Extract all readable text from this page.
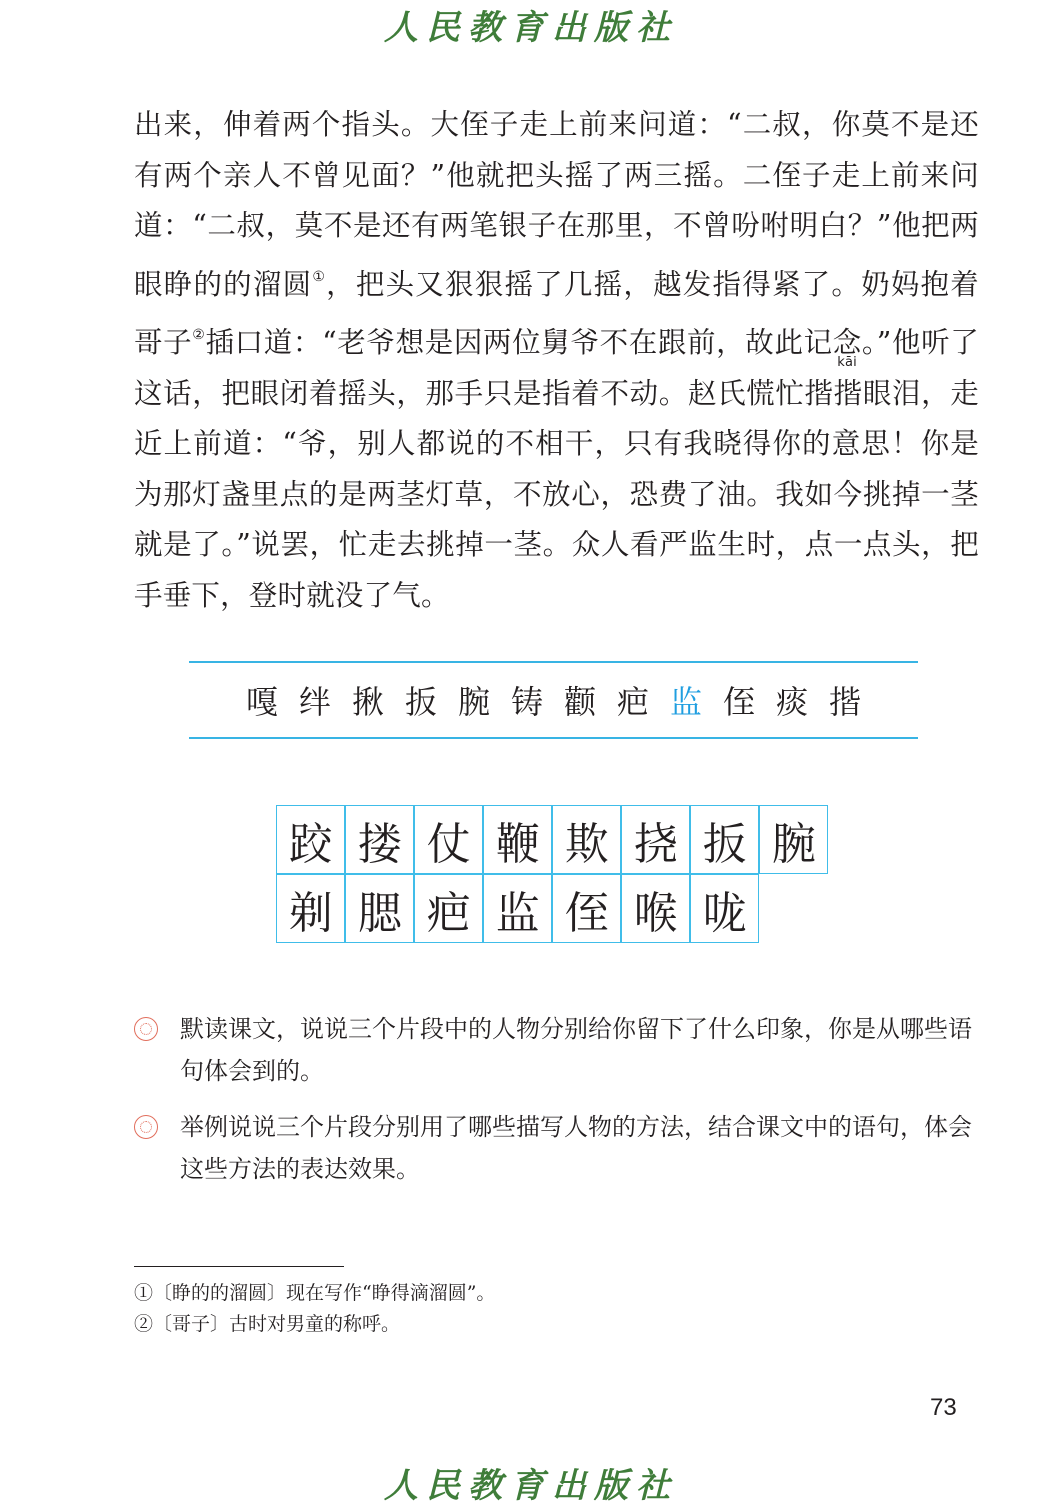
人民教育出版社

出来，伸着两个指头。大侄子走上前来问道：“二叔，你莫不是还有两个亲人不曾见面？”他就把头摇了两三摇。二侄子走上前来问道：“二叔，莫不是还有两笔银子在那里，不曾吩咐明白？”他把两眼睁的的溜圆①，把头又狠狠摇了几摇，越发指得紧了。奶妈抱着哥子②插口道：“老爷想是因两位舅爷不在跟前，故此记念kāi。”他听了这话，把眼闭着摇头，那手只是指着不动。赵氏慌忙揩揩眼泪，走近上前道：“爷，别人都说的不相干，只有我晓得你的意思！你是为那灯盏里点的是两茎灯草，不放心，恐费了油。我如今挑掉一茎就是了。”说罢，忙走去挑掉一茎。众人看严监生时，点一点头，把手垂下，登时就没了气。

嘎 绊 揪 扳 腕 铸 颧 疤 监 侄 痰 揩
跤 搂 仗 鞭 欺 挠 扳 腕
剃 腮 疤 监 侄 喉 咙
默读课文，说说三个片段中的人物分别给你留下了什么印象，你是从哪些语句体会到的。
举例说说三个片段分别用了哪些描写人物的方法，结合课文中的语句，体会这些方法的表达效果。
①〔睁的的溜圆〕现在写作“睁得滴溜圆”。
②〔哥子〕古时对男童的称呼。
73
人民教育出版社
